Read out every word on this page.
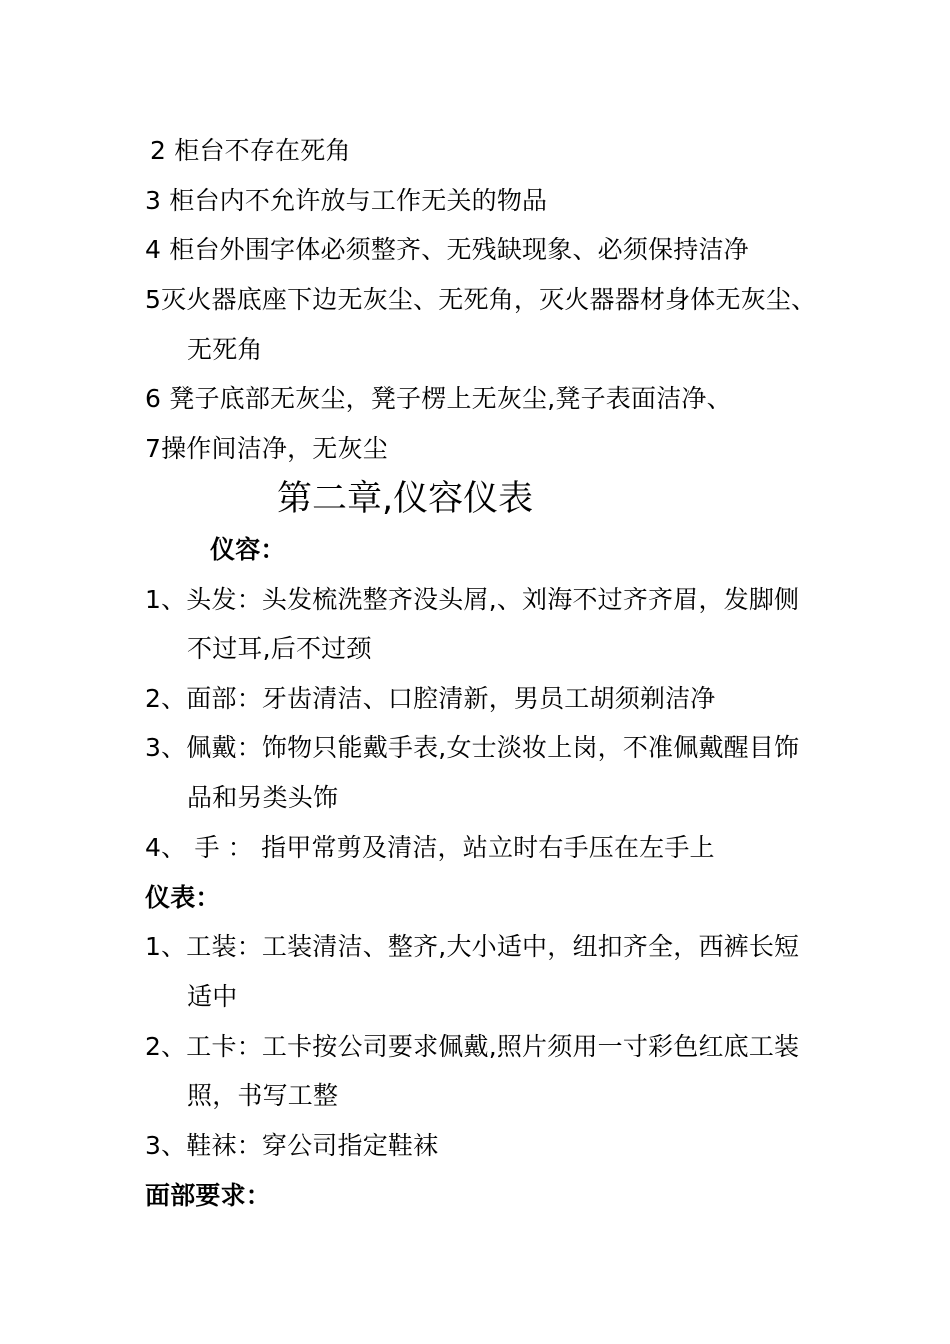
2 柜台不存在死角
3 柜台内不允许放与工作无关的物品
4 柜台外围字体必须整齐、无残缺现象、必须保持洁净
5灭火器底座下边无灰尘、无死角，灭火器器材身体无灰尘、
无死角
6 凳子底部无灰尘，凳子楞上无灰尘,凳子表面洁净、
7操作间洁净，无灰尘
第二章,仪容仪表
仪容：
1、头发：头发梳洗整齐没头屑,、刘海不过齐齐眉，发脚侧
不过耳,后不过颈
2、面部：牙齿清洁、口腔清新，男员工胡须剃洁净
3、佩戴：饰物只能戴手表,女士淡妆上岗，不准佩戴醒目饰
品和另类头饰
4、 手 ： 指甲常剪及清洁，站立时右手压在左手上
仪表：
1、工装：工装清洁、整齐,大小适中，纽扣齐全，西裤长短
适中
2、工卡：工卡按公司要求佩戴,照片须用一寸彩色红底工装
照，书写工整
3、鞋袜：穿公司指定鞋袜
面部要求：
